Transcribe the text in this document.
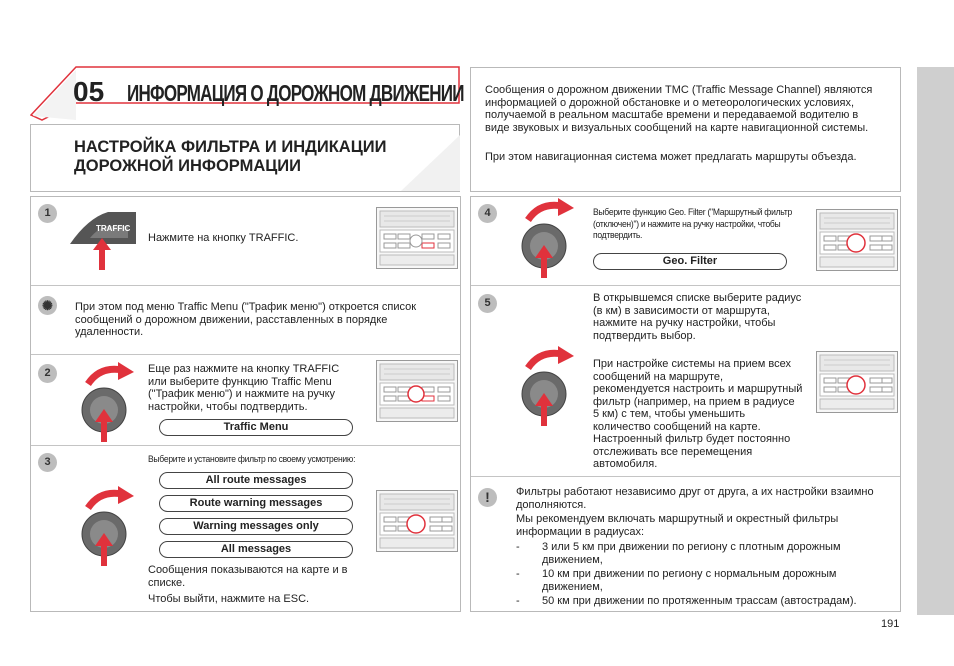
05 ИНФОРМАЦИЯ О ДОРОЖНОМ ДВИЖЕНИИ
НАСТРОЙКА ФИЛЬТРА И ИНДИКАЦИИ
ДОРОЖНОЙ ИНФОРМАЦИИ
Сообщения о дорожном движении TMC (Traffic Message Channel) являются информацией о дорожной обстановке и о метеорологических условиях, получаемой в реальном масштабе времени и передаваемой водителю в виде звуковых и визуальных сообщений на карте навигационной системы.
При этом навигационная система может предлагать маршруты объезда.
1
TRAFFIC
Нажмите на кнопку TRAFFIC.
✺	При этом под меню Traffic Menu ("Трафик меню") откроется список сообщений о дорожном движении, расставленных в порядке удаленности.
2	Еще раз нажмите на кнопку TRAFFIC или выберите функцию Traffic Menu ("Трафик меню") и нажмите на ручку настройки, чтобы подтвердить.
Traffic Menu
3	Выберите и установите фильтр по своему усмотрению:
All route messages
Route warning messages
Warning messages only
All messages
Сообщения показываются на карте и в списке.
Чтобы выйти, нажмите на ESC.
4	Выберите функцию Geo. Filter ("Маршрутный фильтр (отключен)") и нажмите на ручку настройки, чтобы подтвердить.
Geo. Filter
5	В открывшемся списке выберите радиус (в км) в зависимости от маршрута, нажмите на ручку настройки, чтобы подтвердить выбор.
При настройке системы на прием всех сообщений на маршруте, рекомендуется настроить и маршрутный фильтр (например, на прием в радиусе 5 км) с тем, чтобы уменьшить количество сообщений на карте. Настроенный фильтр будет постоянно отслеживать все перемещения автомобиля.
!	Фильтры работают независимо друг от друга, а их настройки взаимно дополняются.
Мы рекомендуем включать маршрутный и окрестный фильтры информации в радиусах:
- 3 или 5 км при движении по региону с плотным дорожным движением,
- 10 км при движении по региону с нормальным дорожным движением,
- 50 км при движении по протяженным трассам (автострадам).
191
